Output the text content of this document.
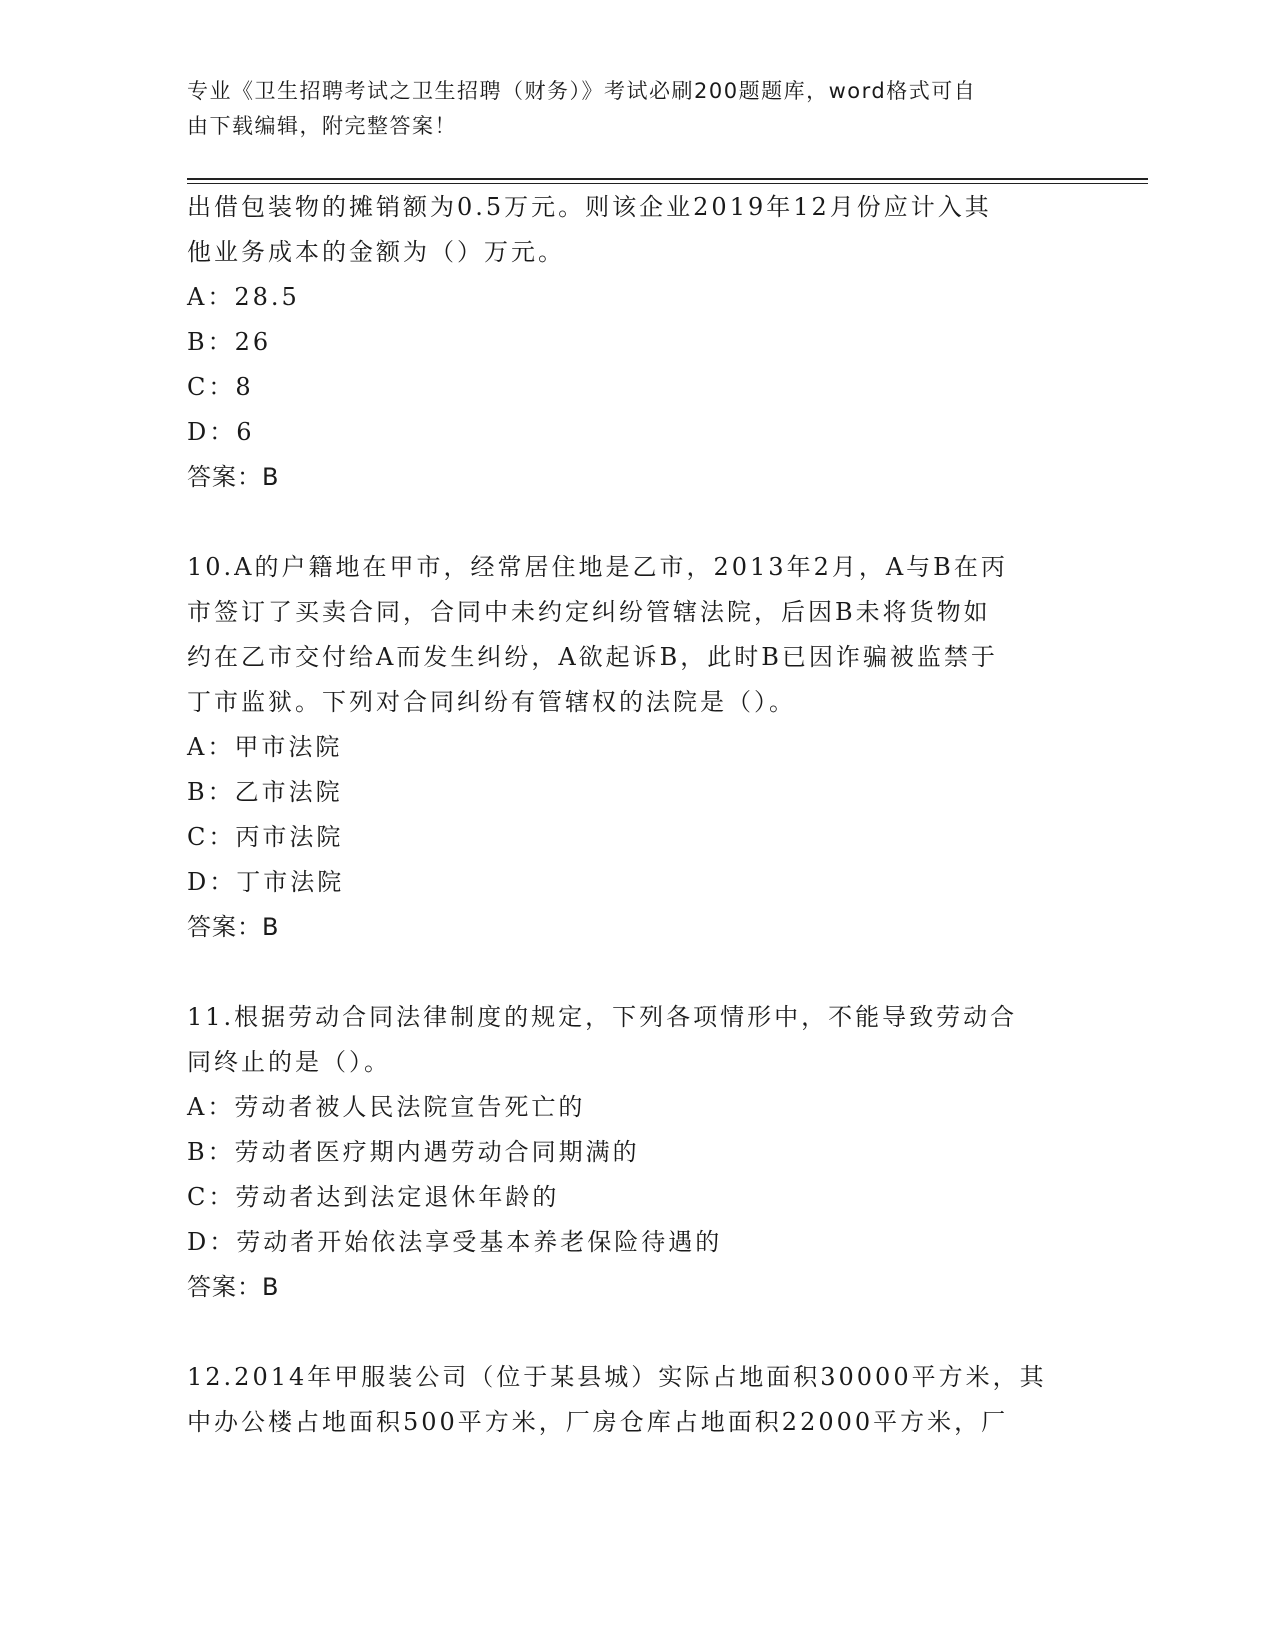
专业《卫生招聘考试之卫生招聘（财务）》考试必刷200题题库，word格式可自
由下载编辑，附完整答案！
出借包装物的摊销额为0.5万元。则该企业2019年12月份应计入其
他业务成本的金额为（）万元。
A：28.5
B：26
C：8
D：6
答案：B
10.A的户籍地在甲市，经常居住地是乙市，2013年2月，A与B在丙
市签订了买卖合同，合同中未约定纠纷管辖法院，后因B未将货物如
约在乙市交付给A而发生纠纷，A欲起诉B，此时B已因诈骗被监禁于
丁市监狱。下列对合同纠纷有管辖权的法院是（）。
A：甲市法院
B：乙市法院
C：丙市法院
D：丁市法院
答案：B
11.根据劳动合同法律制度的规定，下列各项情形中，不能导致劳动合
同终止的是（）。
A：劳动者被人民法院宣告死亡的
B：劳动者医疗期内遇劳动合同期满的
C：劳动者达到法定退休年龄的
D：劳动者开始依法享受基本养老保险待遇的
答案：B
12.2014年甲服装公司（位于某县城）实际占地面积30000平方米，其
中办公楼占地面积500平方米，厂房仓库占地面积22000平方米，厂
